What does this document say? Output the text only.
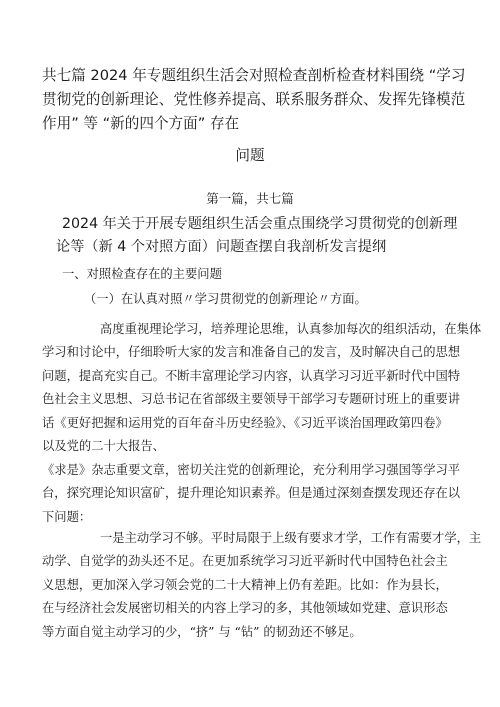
共七篇 2024 年专题组织生活会对照检查剖析检查材料围绕 “学习
贯彻党的创新理论、党性修养提高、联系服务群众、发挥先锋模范
作用” 等 “新的四个方面” 存在
问题
第一篇，共七篇
2024 年关于开展专题组织生活会重点围绕学习贯彻党的创新理
论等（新 4 个对照方面）问题查摆自我剖析发言提纲
一、对照检查存在的主要问题
（一）在认真对照〃学习贯彻党的创新理论〃方面。
高度重视理论学习，培养理论思维，认真参加每次的组织活动，在集体
学习和讨论中，仔细聆听大家的发言和准备自己的发言，及时解决自己的思想
问题，提高充实自己。不断丰富理论学习内容，认真学习习近平新时代中国特
色社会主义思想、习总书记在省部级主要领导干部学习专题研讨班上的重要讲
话《更好把握和运用党的百年奋斗历史经验》、《习近平谈治国理政第四卷》
以及党的二十大报告、
《求是》杂志重要文章，密切关注党的创新理论，充分利用学习强国等学习平
台，探究理论知识富矿，提升理论知识素养。但是通过深刻查摆发现还存在以
下问题：
一是主动学习不够。平时局限于上级有要求才学，工作有需要才学，主
动学、自觉学的劲头还不足。在更加系统学习习近平新时代中国特色社会主
义思想，更加深入学习领会党的二十大精神上仍有差距。比如：作为县长，
在与经济社会发展密切相关的内容上学习的多，其他领域如党建、意识形态
等方面自觉主动学习的少，“挤” 与 “钻” 的韧劲还不够足。
